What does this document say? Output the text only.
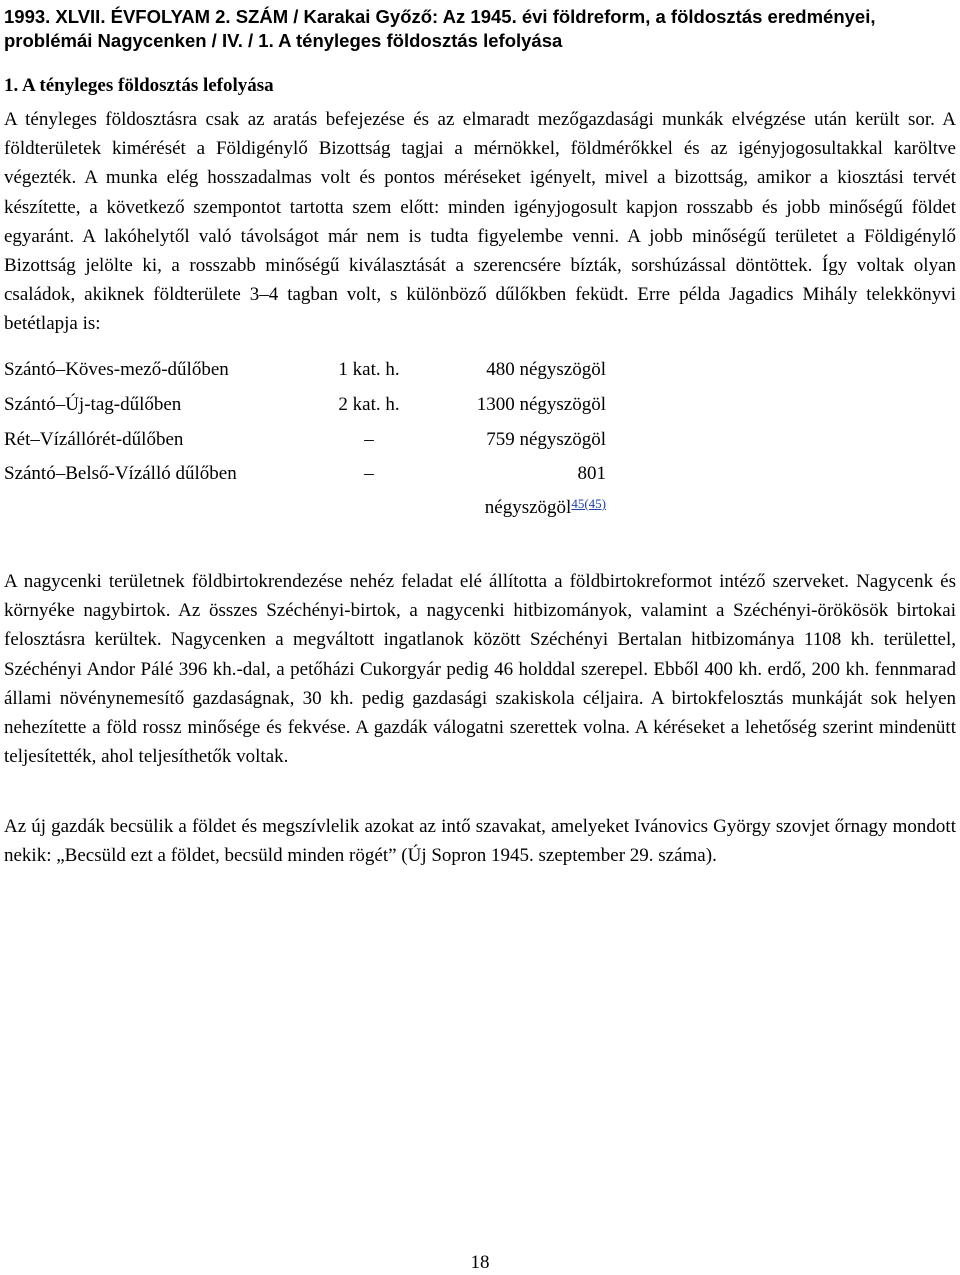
1993. XLVII. ÉVFOLYAM 2. SZÁM / Karakai Győző: Az 1945. évi földreform, a földosztás eredményei, problémái Nagycenken / IV. / 1. A tényleges földosztás lefolyása
1. A tényleges földosztás lefolyása
A tényleges földosztásra csak az aratás befejezése és az elmaradt mezőgazdasági munkák elvégzése után került sor. A földterületek kimérését a Földigénylő Bizottság tagjai a mérnökkel, földmérőkkel és az igényjogosultakkal karöltve végezték. A munka elég hosszadalmas volt és pontos méréseket igényelt, mivel a bizottság, amikor a kiosztási tervét készítette, a következő szempontot tartotta szem előtt: minden igényjogosult kapjon rosszabb és jobb minőségű földet egyaránt. A lakóhelytől való távolságot már nem is tudta figyelembe venni. A jobb minőségű területet a Földigénylő Bizottság jelölte ki, a rosszabb minőségű kiválasztását a szerencsére bízták, sorshúzással döntöttek. Így voltak olyan családok, akiknek földterülete 3–4 tagban volt, s különböző dűlőkben feküdt. Erre példa Jagadics Mihály telekkönyvi betétlapja is:
Szántó–Köves-mező-dűlőben	1 kat. h.	480 négyszögöl
Szántó–Új-tag-dűlőben	2 kat. h.	1300 négyszögöl
Rét–Vízállórét-dűlőben	–	759 négyszögöl
Szántó–Belső-Vízálló dűlőben	–	801
négyszögöl$^{45(45)}$
A nagycenki területnek földbirtokrendezése nehéz feladat elé állította a földbirtokreformot intéző szerveket. Nagycenk és környéke nagybirtok. Az összes Széchényi-birtok, a nagycenki hitbizományok, valamint a Széchényi-örökösök birtokai felosztásra kerültek. Nagycenken a megváltott ingatlanok között Széchényi Bertalan hitbizománya 1108 kh. területtel, Széchényi Andor Pálé 396 kh.-dal, a petőházi Cukorgyár pedig 46 holddal szerepel. Ebből 400 kh. erdő, 200 kh. fennmarad állami növénynemesítő gazdaságnak, 30 kh. pedig gazdasági szakiskola céljaira. A birtokfelosztás munkáját sok helyen nehezítette a föld rossz minősége és fekvése. A gazdák válogatni szerettek volna. A kéréseket a lehetőség szerint mindenütt teljesítették, ahol teljesíthetők voltak.
Az új gazdák becsülik a földet és megszívlelik azokat az intő szavakat, amelyeket Ivánovics György szovjet őrnagy mondott nekik: „Becsüld ezt a földet, becsüld minden rögét” (Új Sopron 1945. szeptember 29. száma).
18
